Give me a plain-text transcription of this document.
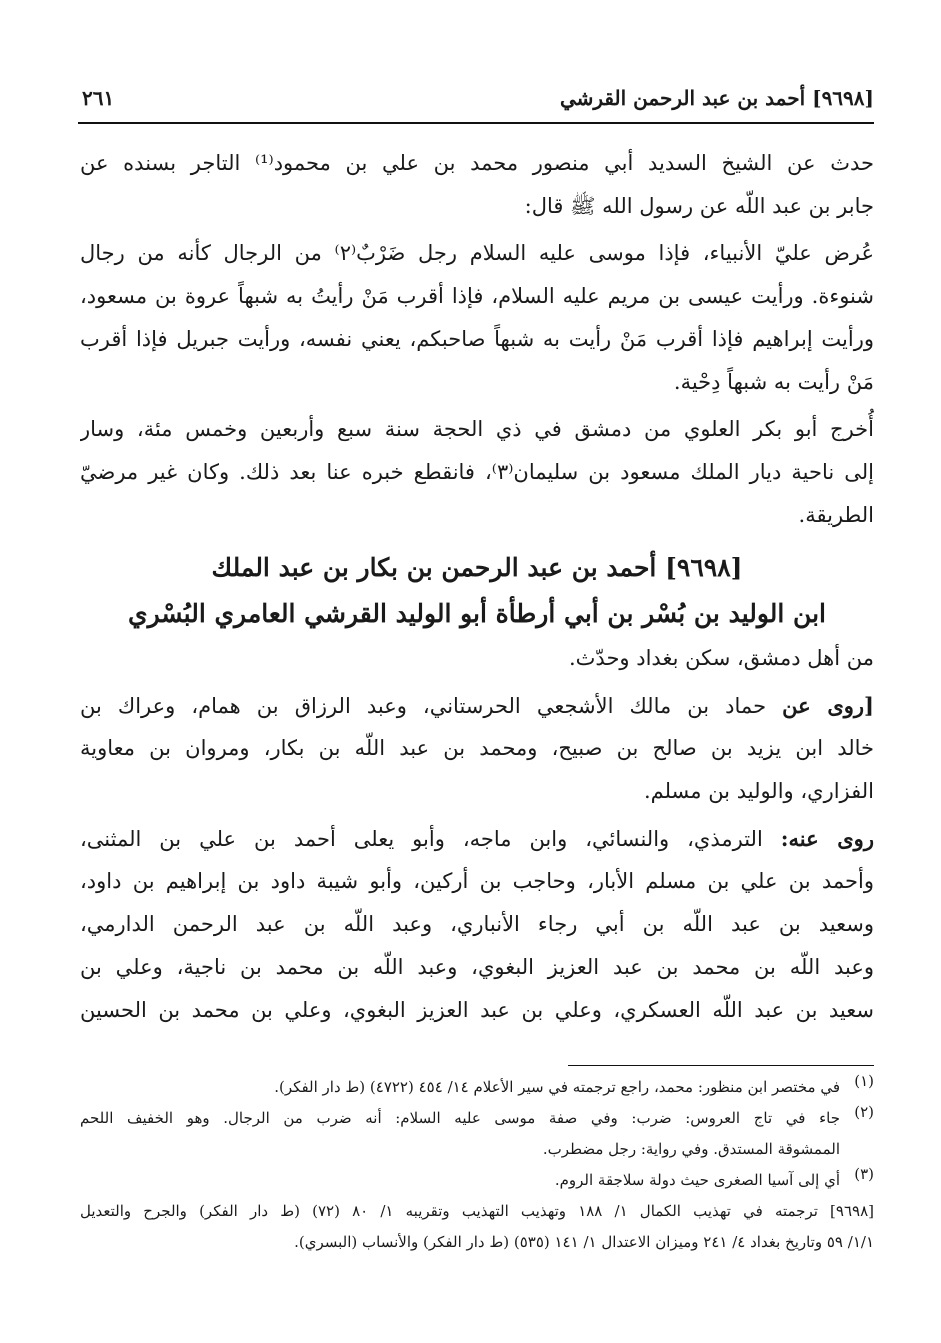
[٩٦٩٨] أحمد بن عبد الرحمن القرشي
٢٦١
حدث عن الشيخ السديد أبي منصور محمد بن علي بن محمود⁽¹⁾ التاجر بسنده عن
جابر بن عبد اللّه عن رسول الله ﷺ قال:
عُرض عليّ الأنبياء، فإذا موسى عليه السلام رجل ضَرْبٌ⁽٢⁾ من الرجال كأنه من رجال
شنوءة. ورأيت عيسى بن مريم عليه السلام، فإذا أقرب مَنْ رأيتُ به شبهاً عروة بن مسعود،
ورأيت إبراهيم فإذا أقرب مَنْ رأيت به شبهاً صاحبكم، يعني نفسه، ورأيت جبريل فإذا أقرب
مَنْ رأيت به شبهاً دِحْية.
أُخرج أبو بكر العلوي من دمشق في ذي الحجة سنة سبع وأربعين وخمس مئة، وسار
إلى ناحية ديار الملك مسعود بن سليمان⁽٣⁾، فانقطع خبره عنا بعد ذلك. وكان غير مرضيّ
الطريقة.
[٩٦٩٨] أحمد بن عبد الرحمن بن بكار بن عبد الملك
ابن الوليد بن بُسْر بن أبي أرطأة أبو الوليد القرشي العامري البُسْري
من أهل دمشق، سكن بغداد وحدّث.
[روى عن حماد بن مالك الأشجعي الحرستاني، وعبد الرزاق بن همام، وعراك بن
خالد ابن يزيد بن صالح بن صبيح، ومحمد بن عبد اللّه بن بكار، ومروان بن معاوية
الفزاري، والوليد بن مسلم.
روى عنه: الترمذي، والنسائي، وابن ماجه، وأبو يعلى أحمد بن علي بن المثنى،
وأحمد بن علي بن مسلم الأبار، وحاجب بن أركين، وأبو شيبة داود بن إبراهيم بن داود،
وسعيد بن عبد اللّه بن أبي رجاء الأنباري، وعبد اللّه بن عبد الرحمن الدارمي،
وعبد اللّه بن محمد بن عبد العزيز البغوي، وعبد اللّه بن محمد بن ناجية، وعلي بن
سعيد بن عبد اللّه العسكري، وعلي بن عبد العزيز البغوي، وعلي بن محمد بن الحسين
(١)
في مختصر ابن منظور: محمد، راجع ترجمته في سير الأعلام ١٤/ ٤٥٤ (٤٧٢٢) (ط دار الفكر).
(٢)
جاء في تاج العروس: ضرب: وفي صفة موسى عليه السلام: أنه ضرب من الرجال. وهو الخفيف اللحم
الممشوقة المستدق. وفي رواية: رجل مضطرب.
(٣)
أي إلى آسيا الصغرى حيث دولة سلاجقة الروم.
[٩٦٩٨] ترجمته في تهذيب الكمال ١/ ١٨٨ وتهذيب التهذيب وتقريبه ١/ ٨٠ (٧٢) (ط دار الفكر) والجرح والتعديل
١/١/ ٥٩ وتاريخ بغداد ٤/ ٢٤١ وميزان الاعتدال ١/ ١٤١ (٥٣٥) (ط دار الفكر) والأنساب (البسري).
